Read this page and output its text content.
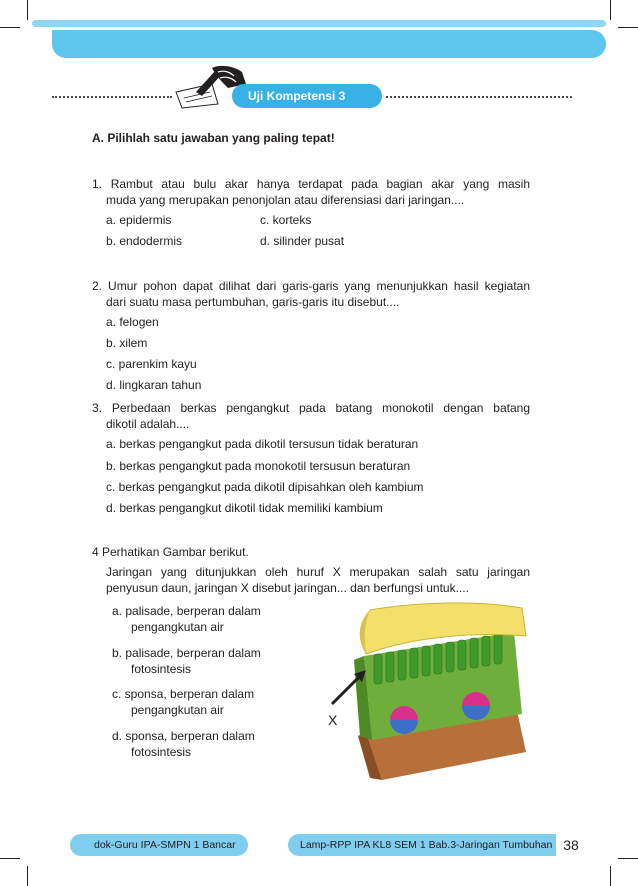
Uji Kompetensi 3
A. Pilihlah satu jawaban yang paling tepat!
1. Rambut atau bulu akar hanya terdapat pada bagian akar yang masih
muda yang merupakan penonjolan atau diferensiasi dari jaringan....
a. epidermis	c. korteks
b. endodermis	d. silinder pusat
2. Umur pohon dapat dilihat dari garis-garis yang menunjukkan hasil kegiatan
dari suatu masa pertumbuhan, garis-garis itu disebut....
a. felogen
b. xilem
c. parenkim kayu
d. lingkaran tahun
3. Perbedaan berkas pengangkut pada batang monokotil dengan batang
dikotil adalah....
a. berkas pengangkut pada dikotil tersusun tidak beraturan
b. berkas pengangkut pada monokotil tersusun beraturan
c. berkas pengangkut pada dikotil dipisahkan oleh kambium
d. berkas pengangkut dikotil tidak memiliki kambium
4 Perhatikan Gambar berikut.
Jaringan yang ditunjukkan oleh huruf X merupakan salah satu jaringan
penyusun daun, jaringan X disebut jaringan... dan berfungsi untuk....
a. palisade, berperan dalam
pengangkutan air
b. palisade, berperan dalam
fotosintesis
c. sponsa, berperan dalam
pengangkutan air
d. sponsa, berperan dalam
fotosintesis
X
dok-Guru IPA-SMPN 1 Bancar	Lamp-RPP IPA KL8 SEM 1 Bab.3-Jaringan Tumbuhan 38
